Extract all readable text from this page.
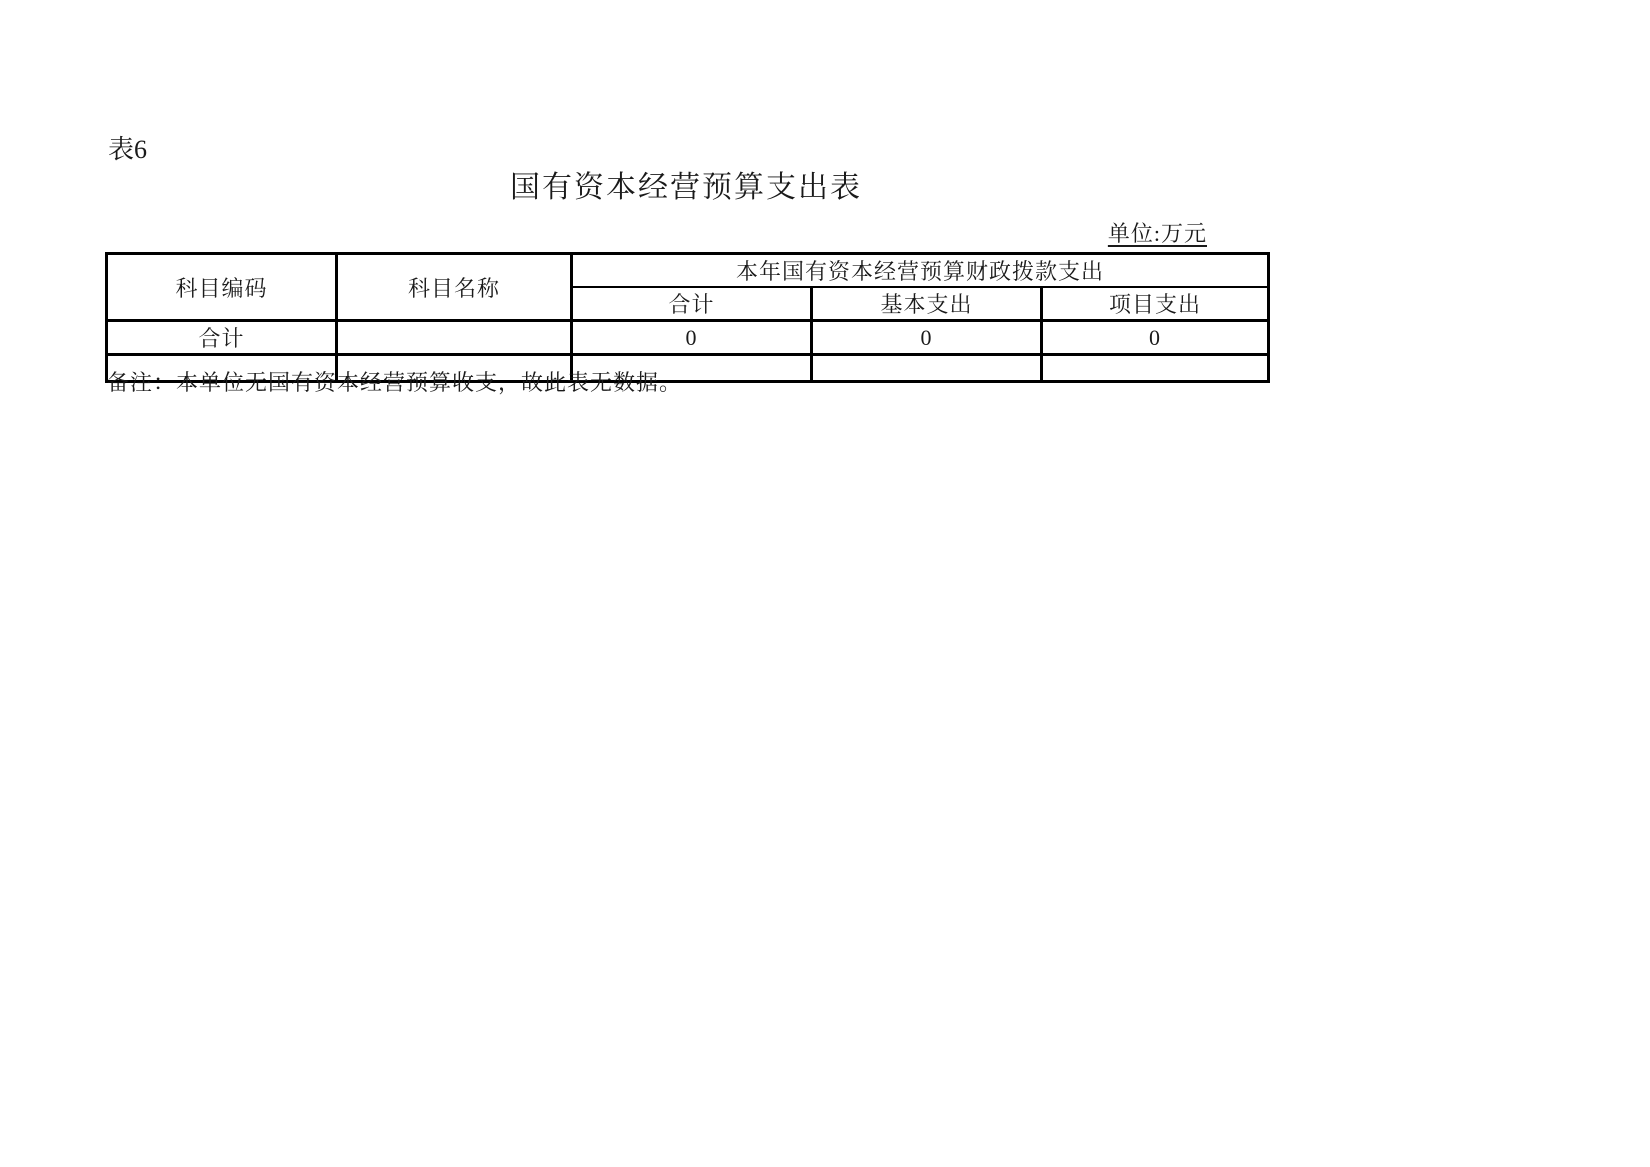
表6
国有资本经营预算支出表
单位:万元
科目编码	科目名称	本年国有资本经营预算财政拨款支出		
		合计	基本支出	项目支出
合计		0	0	0

备注：本单位无国有资本经营预算收支，故此表无数据。
